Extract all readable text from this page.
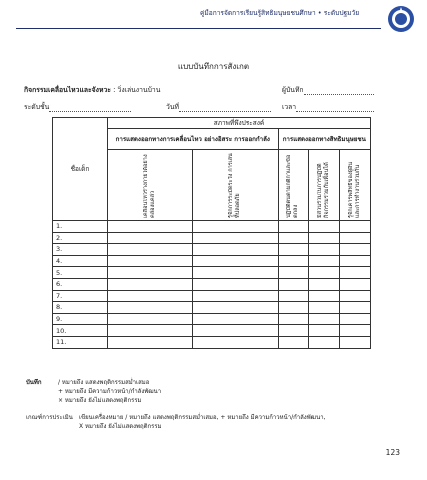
คู่มือการจัดการเรียนรู้สิทธิมนุษยชนศึกษา • ระดับปฐมวัย
แบบบันทึกการสังเกต
กิจกรรมเคลื่อนไหวและจังหวะ : วิ่งเล่นงานบ้าน	ผู้บันทึก
ระดับชั้น	วันที่	เวลา
ชื่อเด็ก	สภาพที่พึงประสงค์				
	การแสดงออกทางการเคลื่อนไหว อย่างอิสระ การออกกำลัง		การแสดงออกทางสิทธิมนุษยชน		

	เคลื่อนไหวร่างกายได้อย่างคล่องแคล่ว	รู้จักการระมัดระวัง การเล่นที่ปลอดภัย	ปฏิบัติตนตามกติกาและข้อตกลง	มีส่วนร่วมในการปฏิบัติกิจกรรมร่วมกับเพื่อนได้	รู้จักเคารพสิทธิของผู้อื่นและการทำงานร่วมกัน

1.					
2.					
3.					
4.					
5.					
6.					
7.					
8.					
9.					
10.					
11.					
บันทึก	/ หมายถึง แสดงพฤติกรรมสม่ำเสมอ
+ หมายถึง มีความก้าวหน้า/กำลังพัฒนา
× หมายถึง ยังไม่แสดงพฤติกรรม
เกณฑ์การประเมิน เขียนเครื่องหมาย / หมายถึง แสดงพฤติกรรมสม่ำเสมอ, + หมายถึง มีความก้าวหน้า/กำลังพัฒนา,
X หมายถึง ยังไม่แสดงพฤติกรรม
123
